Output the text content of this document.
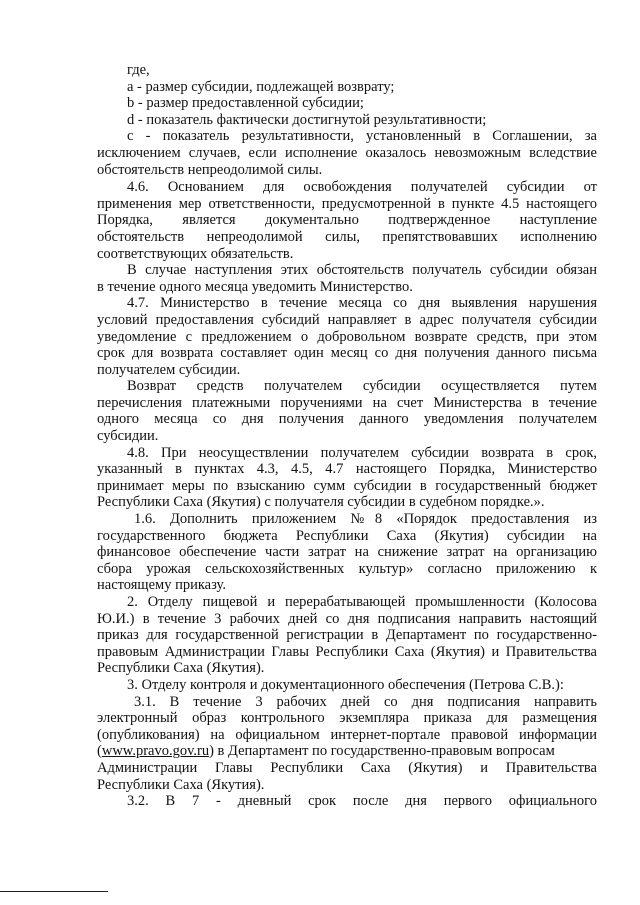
где,
a - размер субсидии, подлежащей возврату;
b - размер предоставленной субсидии;
d - показатель фактически достигнутой результативности;
c - показатель результативности, установленный в Соглашении, за
исключением случаев, если исполнение оказалось невозможным вследствие
обстоятельств непреодолимой силы.
4.6. Основанием для освобождения получателей субсидии от
применения мер ответственности, предусмотренной в пункте 4.5 настоящего
Порядка, является документально подтвержденное наступление
обстоятельств непреодолимой силы, препятствовавших исполнению
соответствующих обязательств.
В случае наступления этих обстоятельств получатель субсидии обязан
в течение одного месяца уведомить Министерство.
4.7. Министерство в течение месяца со дня выявления нарушения
условий предоставления субсидий направляет в адрес получателя субсидии
уведомление с предложением о добровольном возврате средств, при этом
срок для возврата составляет один месяц со дня получения данного письма
получателем субсидии.
Возврат средств получателем субсидии осуществляется путем
перечисления платежными поручениями на счет Министерства в течение
одного месяца со дня получения данного уведомления получателем
субсидии.
4.8. При неосуществлении получателем субсидии возврата в срок,
указанный в пунктах 4.3, 4.5, 4.7 настоящего Порядка, Министерство
принимает меры по взысканию сумм субсидии в государственный бюджет
Республики Саха (Якутия) с получателя субсидии в судебном порядке.».
1.6. Дополнить приложением №8 «Порядок предоставления из
государственного бюджета Республики Саха (Якутия) субсидии на
финансовое обеспечение части затрат на снижение затрат на организацию
сбора урожая сельскохозяйственных культур» согласно приложению к
настоящему приказу.
2. Отделу пищевой и перерабатывающей промышленности (Колосова
Ю.И.) в течение 3 рабочих дней со дня подписания направить настоящий
приказ для государственной регистрации в Департамент по государственно-
правовым Администрации Главы Республики Саха (Якутия) и Правительства
Республики Саха (Якутия).
3. Отделу контроля и документационного обеспечения (Петрова С.В.):
3.1. В течение 3 рабочих дней со дня подписания направить
электронный образ контрольного экземпляра приказа для размещения
(опубликования) на официальном интернет-портале правовой информации
(www.pravo.gov.ru) в Департамент по государственно-правовым вопросам
Администрации Главы Республики Саха (Якутия) и Правительства
Республики Саха (Якутия).
3.2. В 7 - дневный срок после дня первого официального
